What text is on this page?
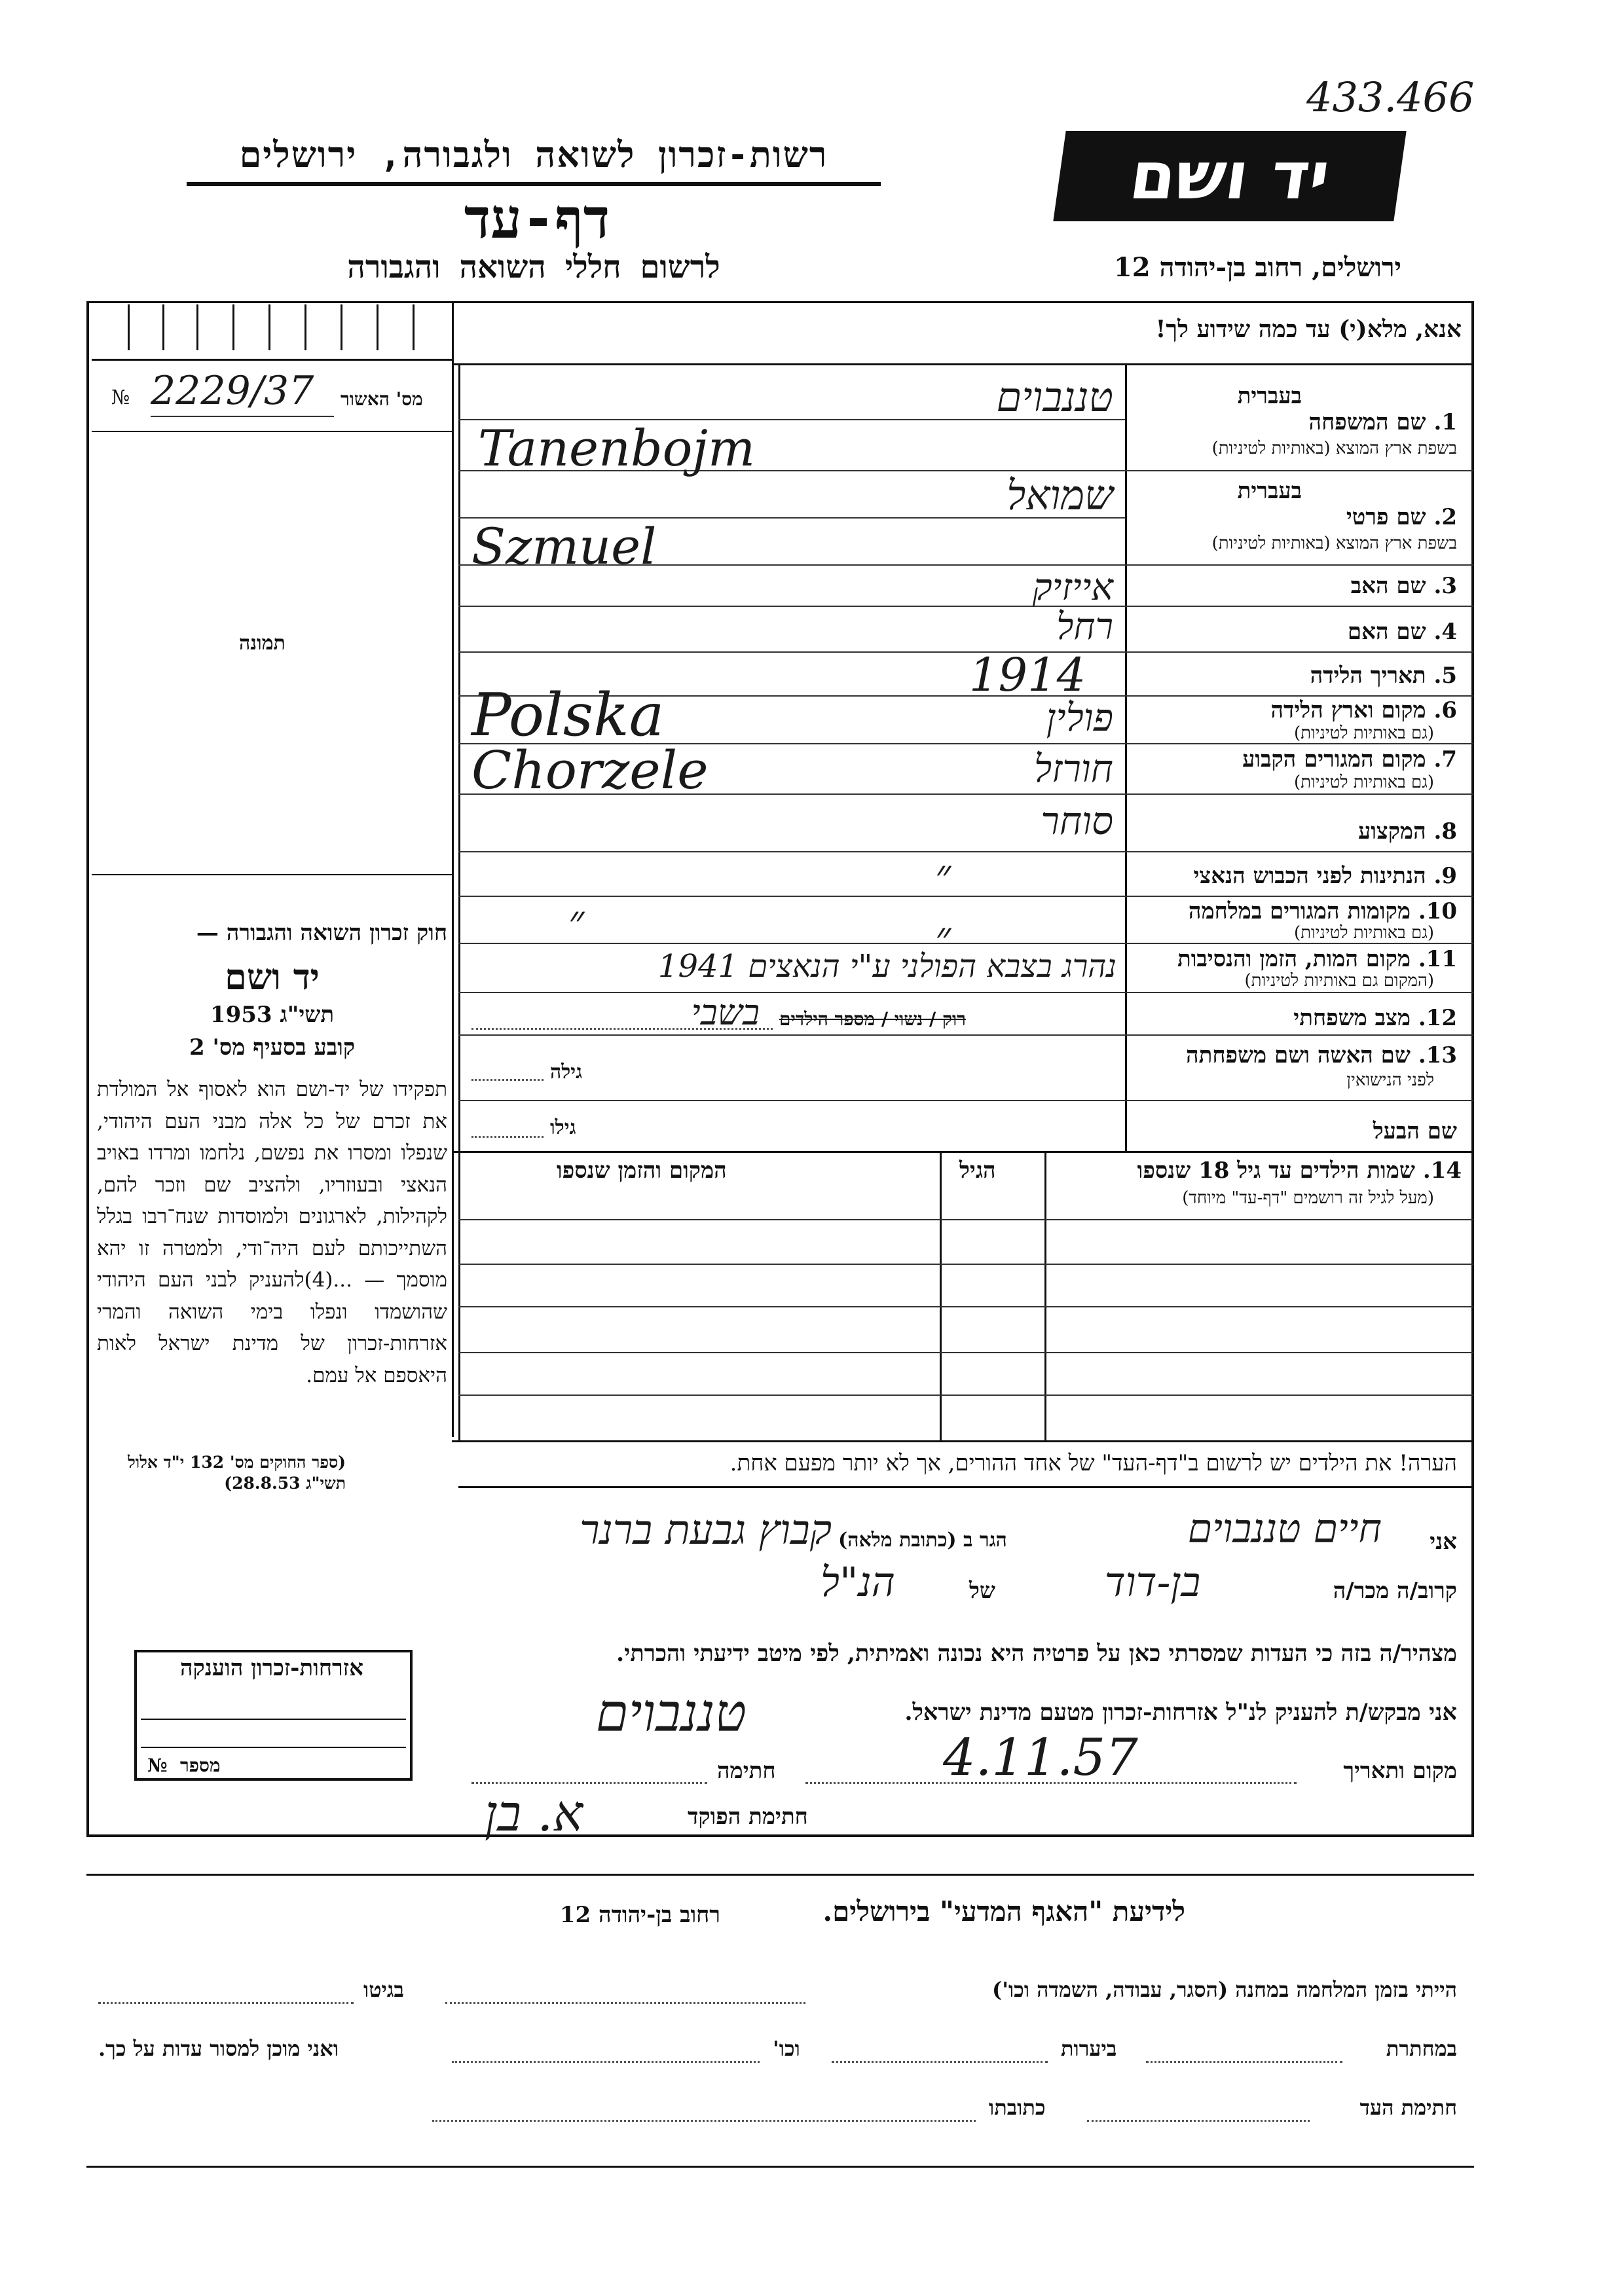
433.466
רשות-זכרון לשואה ולגבורה, ירושלים
דף-עד
לרשום חללי השואה והגבורה
יד ושם
ירושלים, רחוב בן-יהודה 12
מס' האשור
2229/37
№
תמונה
חוק זכרון השואה והגבורה —
יד ושם
תשי"ג 1953
קובע בסעיף מס' 2
תפקידו של יד-ושם הוא לאסוף אל המולדת את זכרם של כל אלה מבני העם היהודי, שנפלו ומסרו את נפשם, נלחמו ומרדו באויב הנאצי ובעוזריו, ולהציב שם וזכר להם, לקהילות, לארגונים ולמוסדות שנח־רבו בגלל השתייכותם לעם היה־ודי, ולמטרה זו יהא מוסמך — ...(4)להעניק לבני העם היהודי שהושמדו ונפלו בימי השואה והמרי אזרחות-זכרון של מדינת ישראל לאות היאספם אל עמם.
(ספר החוקים מס' 132 י"ד אלול תשי"ג 28.8.53)
אזרחות-זכרון הוענקה
מספר
№
אנא, מלא(י) עד כמה שידוע לך!
בעברית
1. שם המשפחה
בשפת ארץ המוצא (באותיות לטיניות)
בעברית
2. שם פרטי
בשפת ארץ המוצא (באותיות לטיניות)
3. שם האב
4. שם האם
5. תאריך הלידה
6. מקום וארץ הלידה
(גם באותיות לטיניות)
7. מקום המגורים הקבוע
(גם באותיות לטיניות)
8. המקצוע
9. הנתינות לפני הכבוש הנאצי
10. מקומות המגורים במלחמה
(גם באותיות לטיניות)
11. מקום המות, הזמן והנסיבות
(המקום גם באותיות לטיניות)
12. מצב משפחתי
13. שם האשה ושם משפחתה
לפני הנישואין
שם הבעל
טננבוים
Tanenbojm
שמואל
Szmuel
אייזיק
רחל
1914
פולין
Polska
חורזל
Chorzele
סוחר
״
״	״
נהרג בצבא הפולני ע"י הנאצים 1941
רוק / נשוי / מספר הילדים
בשבי
גילה
גילו
14. שמות הילדים עד גיל 18 שנספו
(מעל לגיל זה רושמים "דף-עד" מיוחד)
הגיל
המקום והזמן שנספו
הערה! את הילדים יש לרשום ב"דף-העד" של אחד ההורים, אך לא יותר מפעם אחת.
אני
חיים טננבוים
הגר ב (כתובת מלאה)
קבוץ גבעת ברנר
קרוב/ה מכר/ה
בן-דוד
של
הנ"ל
מצהיר/ה בזה כי העדות שמסרתי כאן על פרטיה היא נכונה ואמיתית, לפי מיטב ידיעתי והכרתי.
אני מבקש/ת להעניק לנ"ל אזרחות-זכרון מטעם מדינת ישראל.
טננבוים
מקום ותאריך
4.11.57
חתימה
חתימת הפוקד
א. בן
לידיעת "האגף המדעי" בירושלים.
רחוב בן-יהודה 12
הייתי בזמן המלחמה במחנה (הסגר, עבודה, השמדה וכו')
בגיטו
במחתרת
ביערות
וכו'
ואני מוכן למסור עדות על כך.
חתימת העד
כתובתו
